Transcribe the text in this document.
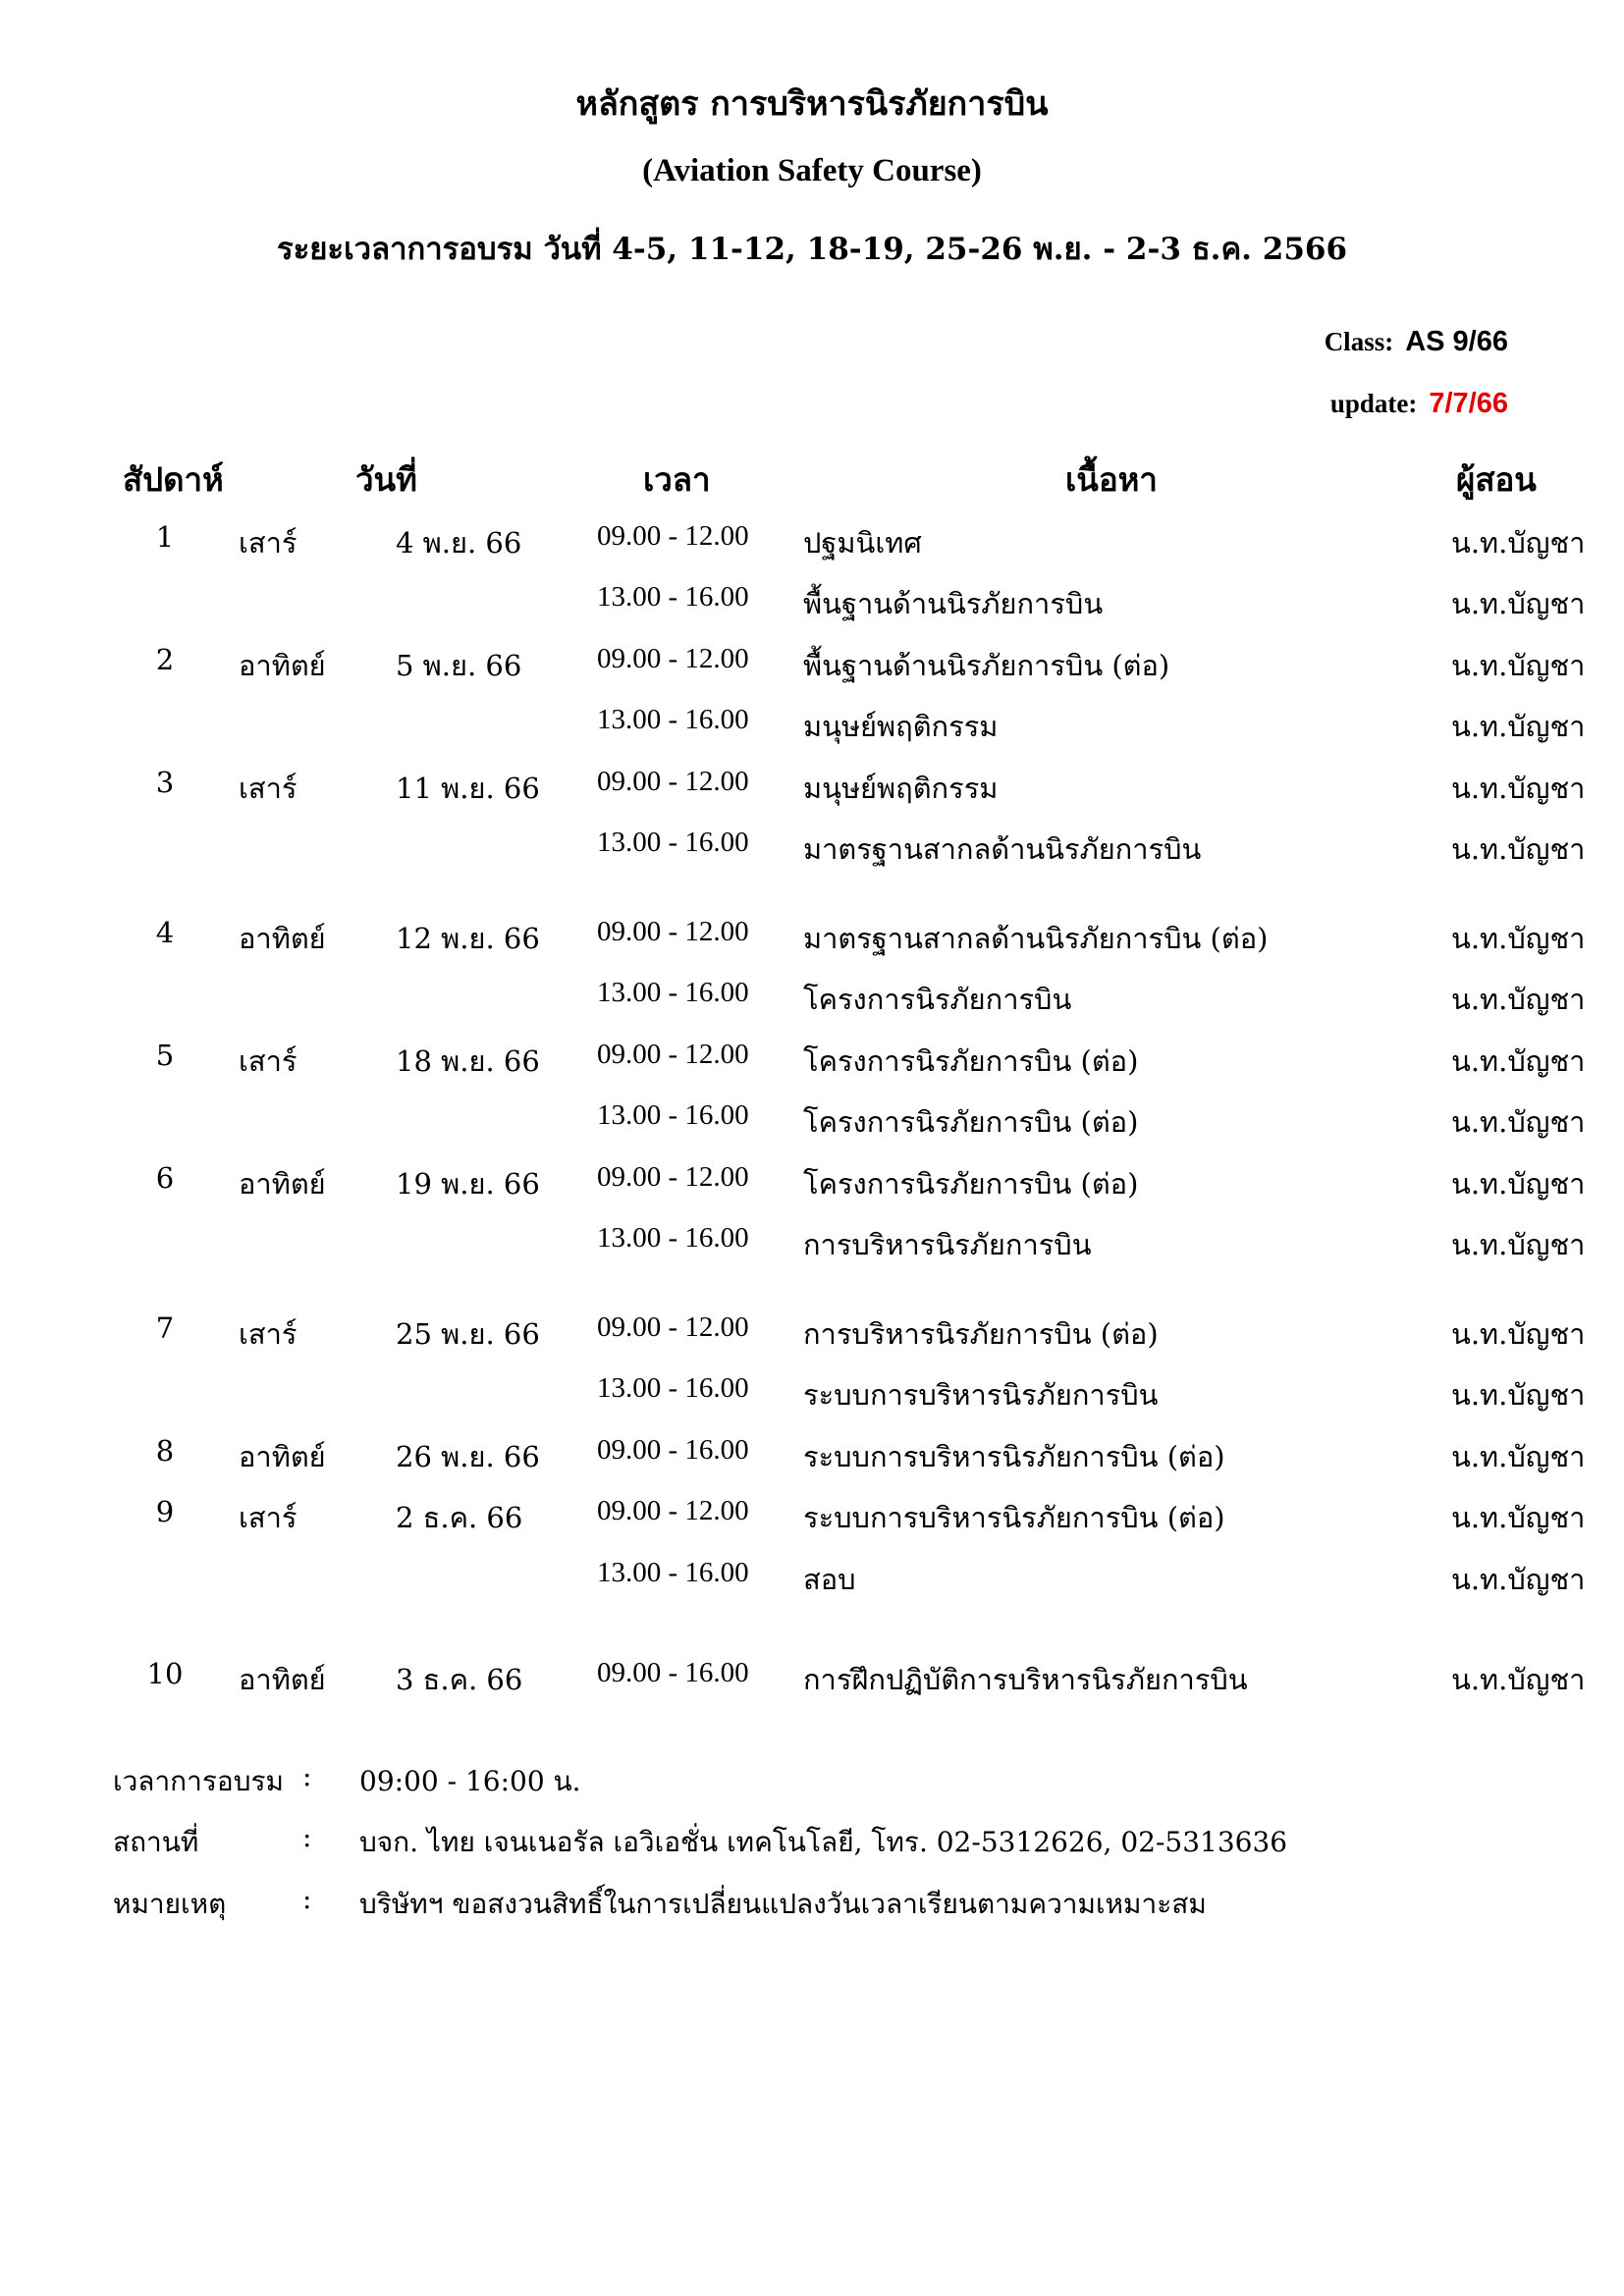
หลักสูตร การบริหารนิรภัยการบิน
(Aviation Safety Course)
ระยะเวลาการอบรม วันที่ 4-5, 11-12, 18-19, 25-26 พ.ย. - 2-3 ธ.ค. 2566
Class: AS 9/66
update: 7/7/66
สัปดาห์	วันที่	เวลา	เนื้อหา	ผู้สอน
1 เสาร์	4 พ.ย. 66	09.00 - 12.00 ปฐมนิเทศ	น.ท.บัญชา
13.00 - 16.00 พื้นฐานด้านนิรภัยการบิน	น.ท.บัญชา
2 อาทิตย์ 5 พ.ย. 66	09.00 - 12.00 พื้นฐานด้านนิรภัยการบิน (ต่อ)	น.ท.บัญชา
13.00 - 16.00 มนุษย์พฤติกรรม	น.ท.บัญชา
3 เสาร์	11 พ.ย. 66 09.00 - 12.00 มนุษย์พฤติกรรม	น.ท.บัญชา
13.00 - 16.00 มาตรฐานสากลด้านนิรภัยการบิน	น.ท.บัญชา
4 อาทิตย์ 12 พ.ย. 66 09.00 - 12.00 มาตรฐานสากลด้านนิรภัยการบิน (ต่อ)	น.ท.บัญชา
13.00 - 16.00 โครงการนิรภัยการบิน	น.ท.บัญชา
5 เสาร์	18 พ.ย. 66 09.00 - 12.00 โครงการนิรภัยการบิน (ต่อ)	น.ท.บัญชา
13.00 - 16.00 โครงการนิรภัยการบิน (ต่อ)	น.ท.บัญชา
6 อาทิตย์ 19 พ.ย. 66 09.00 - 12.00 โครงการนิรภัยการบิน (ต่อ)	น.ท.บัญชา
13.00 - 16.00 การบริหารนิรภัยการบิน	น.ท.บัญชา
7 เสาร์	25 พ.ย. 66 09.00 - 12.00 การบริหารนิรภัยการบิน (ต่อ)	น.ท.บัญชา
13.00 - 16.00 ระบบการบริหารนิรภัยการบิน	น.ท.บัญชา
8 อาทิตย์ 26 พ.ย. 66 09.00 - 16.00 ระบบการบริหารนิรภัยการบิน (ต่อ)	น.ท.บัญชา
9 เสาร์	2 ธ.ค. 66	09.00 - 12.00 ระบบการบริหารนิรภัยการบิน (ต่อ)	น.ท.บัญชา
13.00 - 16.00 สอบ	น.ท.บัญชา
10 อาทิตย์ 3 ธ.ค. 66	09.00 - 16.00 การฝึกปฏิบัติการบริหารนิรภัยการบิน	น.ท.บัญชา
เวลาการอบรม : 09:00 - 16:00 น.
สถานที่	: บจก. ไทย เจนเนอรัล เอวิเอชั่น เทคโนโลยี, โทร. 02-5312626, 02-5313636
หมายเหตุ	: บริษัทฯ ขอสงวนสิทธิ์ในการเปลี่ยนแปลงวันเวลาเรียนตามความเหมาะสม
